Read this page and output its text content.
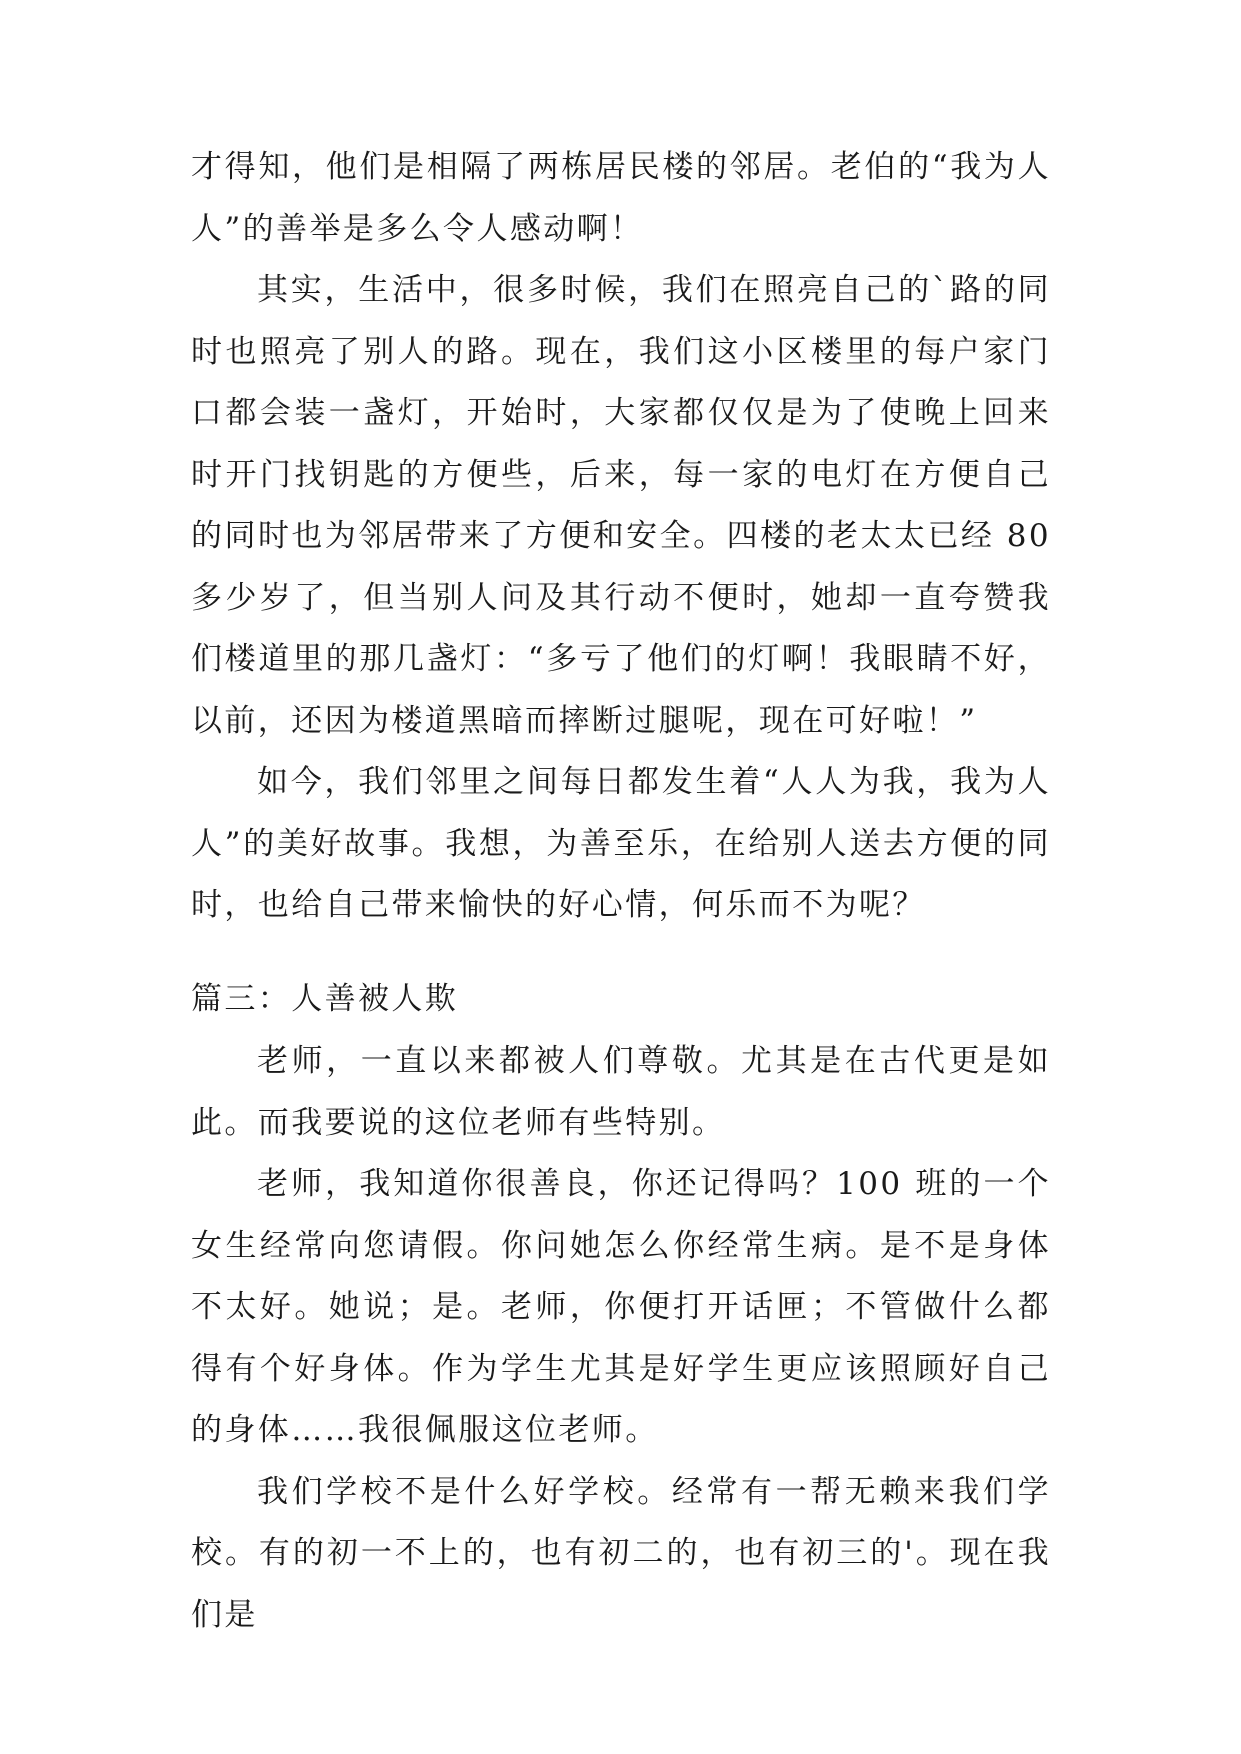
才得知，他们是相隔了两栋居民楼的邻居。老伯的“我为人人”的善举是多么令人感动啊！

其实，生活中，很多时候，我们在照亮自己的`路的同时也照亮了别人的路。现在，我们这小区楼里的每户家门口都会装一盏灯，开始时，大家都仅仅是为了使晚上回来时开门找钥匙的方便些，后来，每一家的电灯在方便自己的同时也为邻居带来了方便和安全。四楼的老太太已经 80 多少岁了，但当别人问及其行动不便时，她却一直夸赞我们楼道里的那几盏灯：“多亏了他们的灯啊！我眼睛不好，以前，还因为楼道黑暗而摔断过腿呢，现在可好啦！”

如今，我们邻里之间每日都发生着“人人为我，我为人人”的美好故事。我想，为善至乐，在给别人送去方便的同时，也给自己带来愉快的好心情，何乐而不为呢？

篇三：人善被人欺

老师，一直以来都被人们尊敬。尤其是在古代更是如此。而我要说的这位老师有些特别。

老师，我知道你很善良，你还记得吗？100 班的一个女生经常向您请假。你问她怎么你经常生病。是不是身体不太好。她说；是。老师，你便打开话匣；不管做什么都得有个好身体。作为学生尤其是好学生更应该照顾好自己的身体……我很佩服这位老师。

我们学校不是什么好学校。经常有一帮无赖来我们学校。有的初一不上的，也有初二的，也有初三的'。现在我们是
